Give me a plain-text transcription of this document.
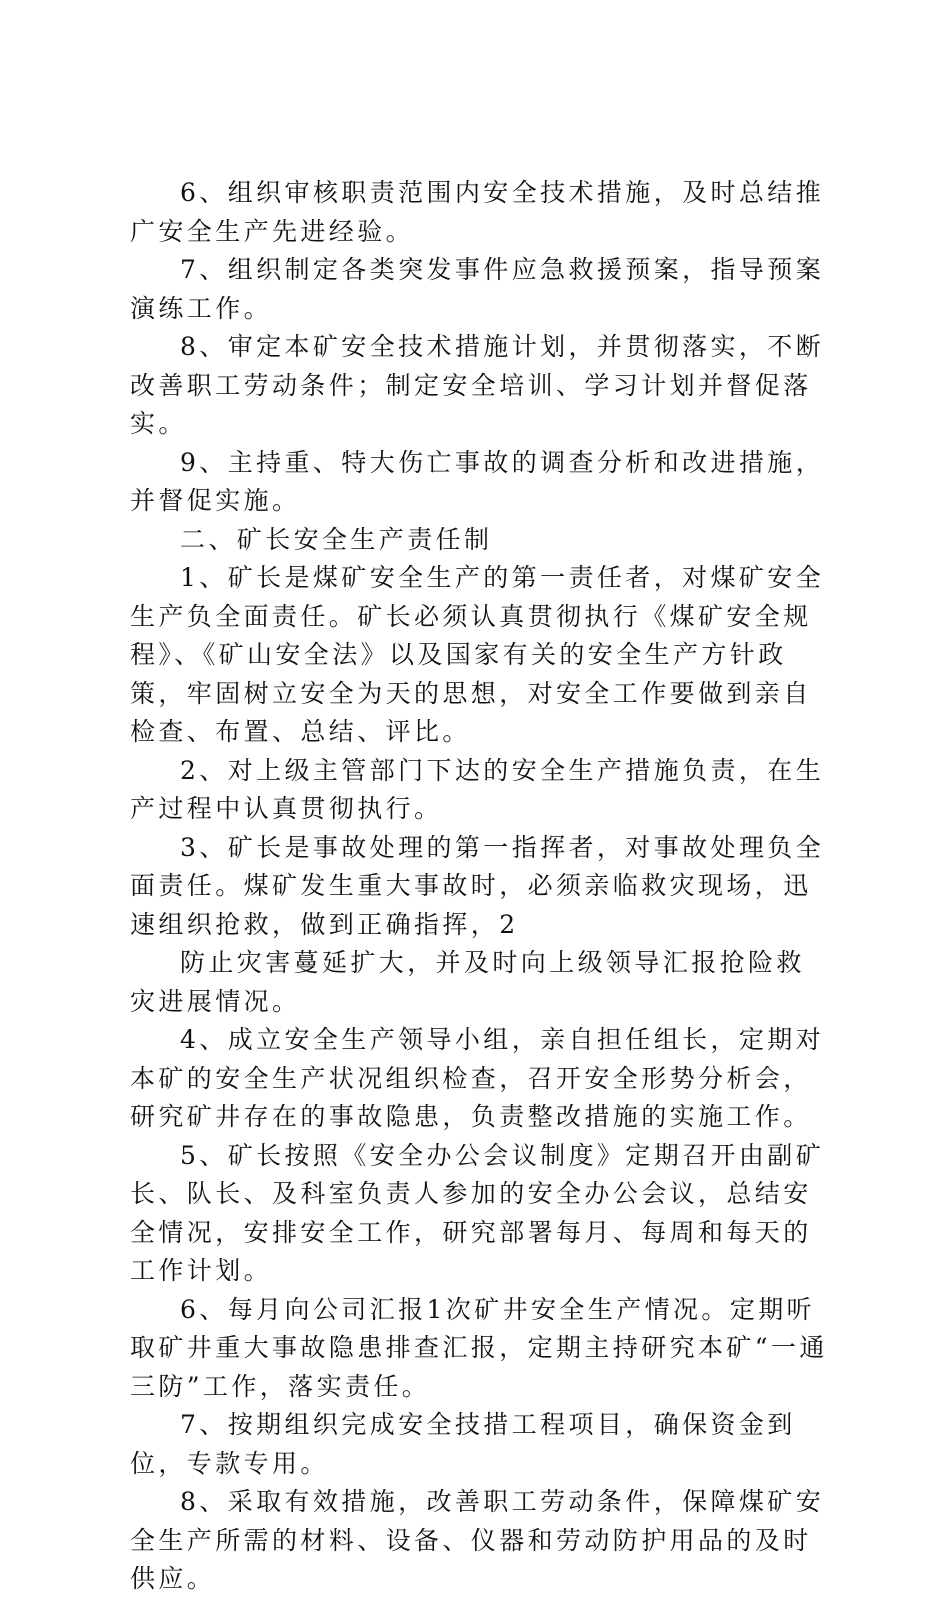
6、组织审核职责范围内安全技术措施，及时总结推广安全生产先进经验。

7、组织制定各类突发事件应急救援预案，指导预案演练工作。

8、审定本矿安全技术措施计划，并贯彻落实，不断改善职工劳动条件；制定安全培训、学习计划并督促落实。

9、主持重、特大伤亡事故的调查分析和改进措施，并督促实施。

二、矿长安全生产责任制

1、矿长是煤矿安全生产的第一责任者，对煤矿安全生产负全面责任。矿长必须认真贯彻执行《煤矿安全规程》、《矿山安全法》以及国家有关的安全生产方针政策，牢固树立安全为天的思想，对安全工作要做到亲自检查、布置、总结、评比。

2、对上级主管部门下达的安全生产措施负责，在生产过程中认真贯彻执行。

3、矿长是事故处理的第一指挥者，对事故处理负全面责任。煤矿发生重大事故时，必须亲临救灾现场，迅速组织抢救，做到正确指挥，2

防止灾害蔓延扩大，并及时向上级领导汇报抢险救灾进展情况。

4、成立安全生产领导小组，亲自担任组长，定期对本矿的安全生产状况组织检查，召开安全形势分析会，研究矿井存在的事故隐患，负责整改措施的实施工作。

5、矿长按照《安全办公会议制度》定期召开由副矿长、队长、及科室负责人参加的安全办公会议，总结安全情况，安排安全工作，研究部署每月、每周和每天的工作计划。

6、每月向公司汇报1次矿井安全生产情况。定期听取矿井重大事故隐患排查汇报，定期主持研究本矿“一通三防”工作，落实责任。

7、按期组织完成安全技措工程项目，确保资金到位，专款专用。

8、采取有效措施，改善职工劳动条件，保障煤矿安全生产所需的材料、设备、仪器和劳动防护用品的及时供应。
